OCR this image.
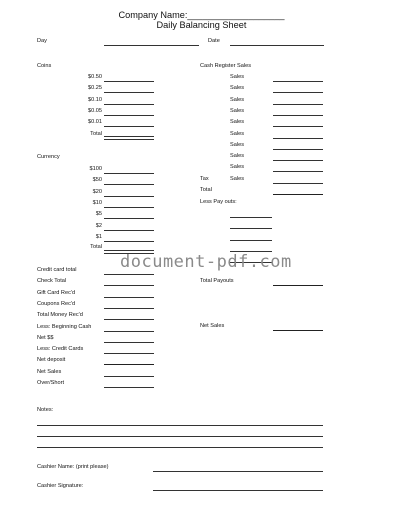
Company Name:___________________
Daily Balancing Sheet
Day	Date
Coins
$0.50
$0.25
$0.10
$0.05
$0.01
Total
Currency
$100
$50
$20
$10
$5
$2
$1
Total
Cash Register Sales
Sales
Sales
Sales
Sales
Sales
Sales
Sales
Sales
Sales
Sales
Tax
Total
Less Pay outs:
Total Payouts
Net Sales
Credit card total
Check Total
Gift Card Rec'd
Coupons Rec'd
Total Money Rec'd
Less: Beginning Cash
Net $$
Less: Credit Cards
Net deposit
Net Sales
Over/Short
Notes:
Cashier Name: (print please)
Cashier Signature:
document-pdf.com
